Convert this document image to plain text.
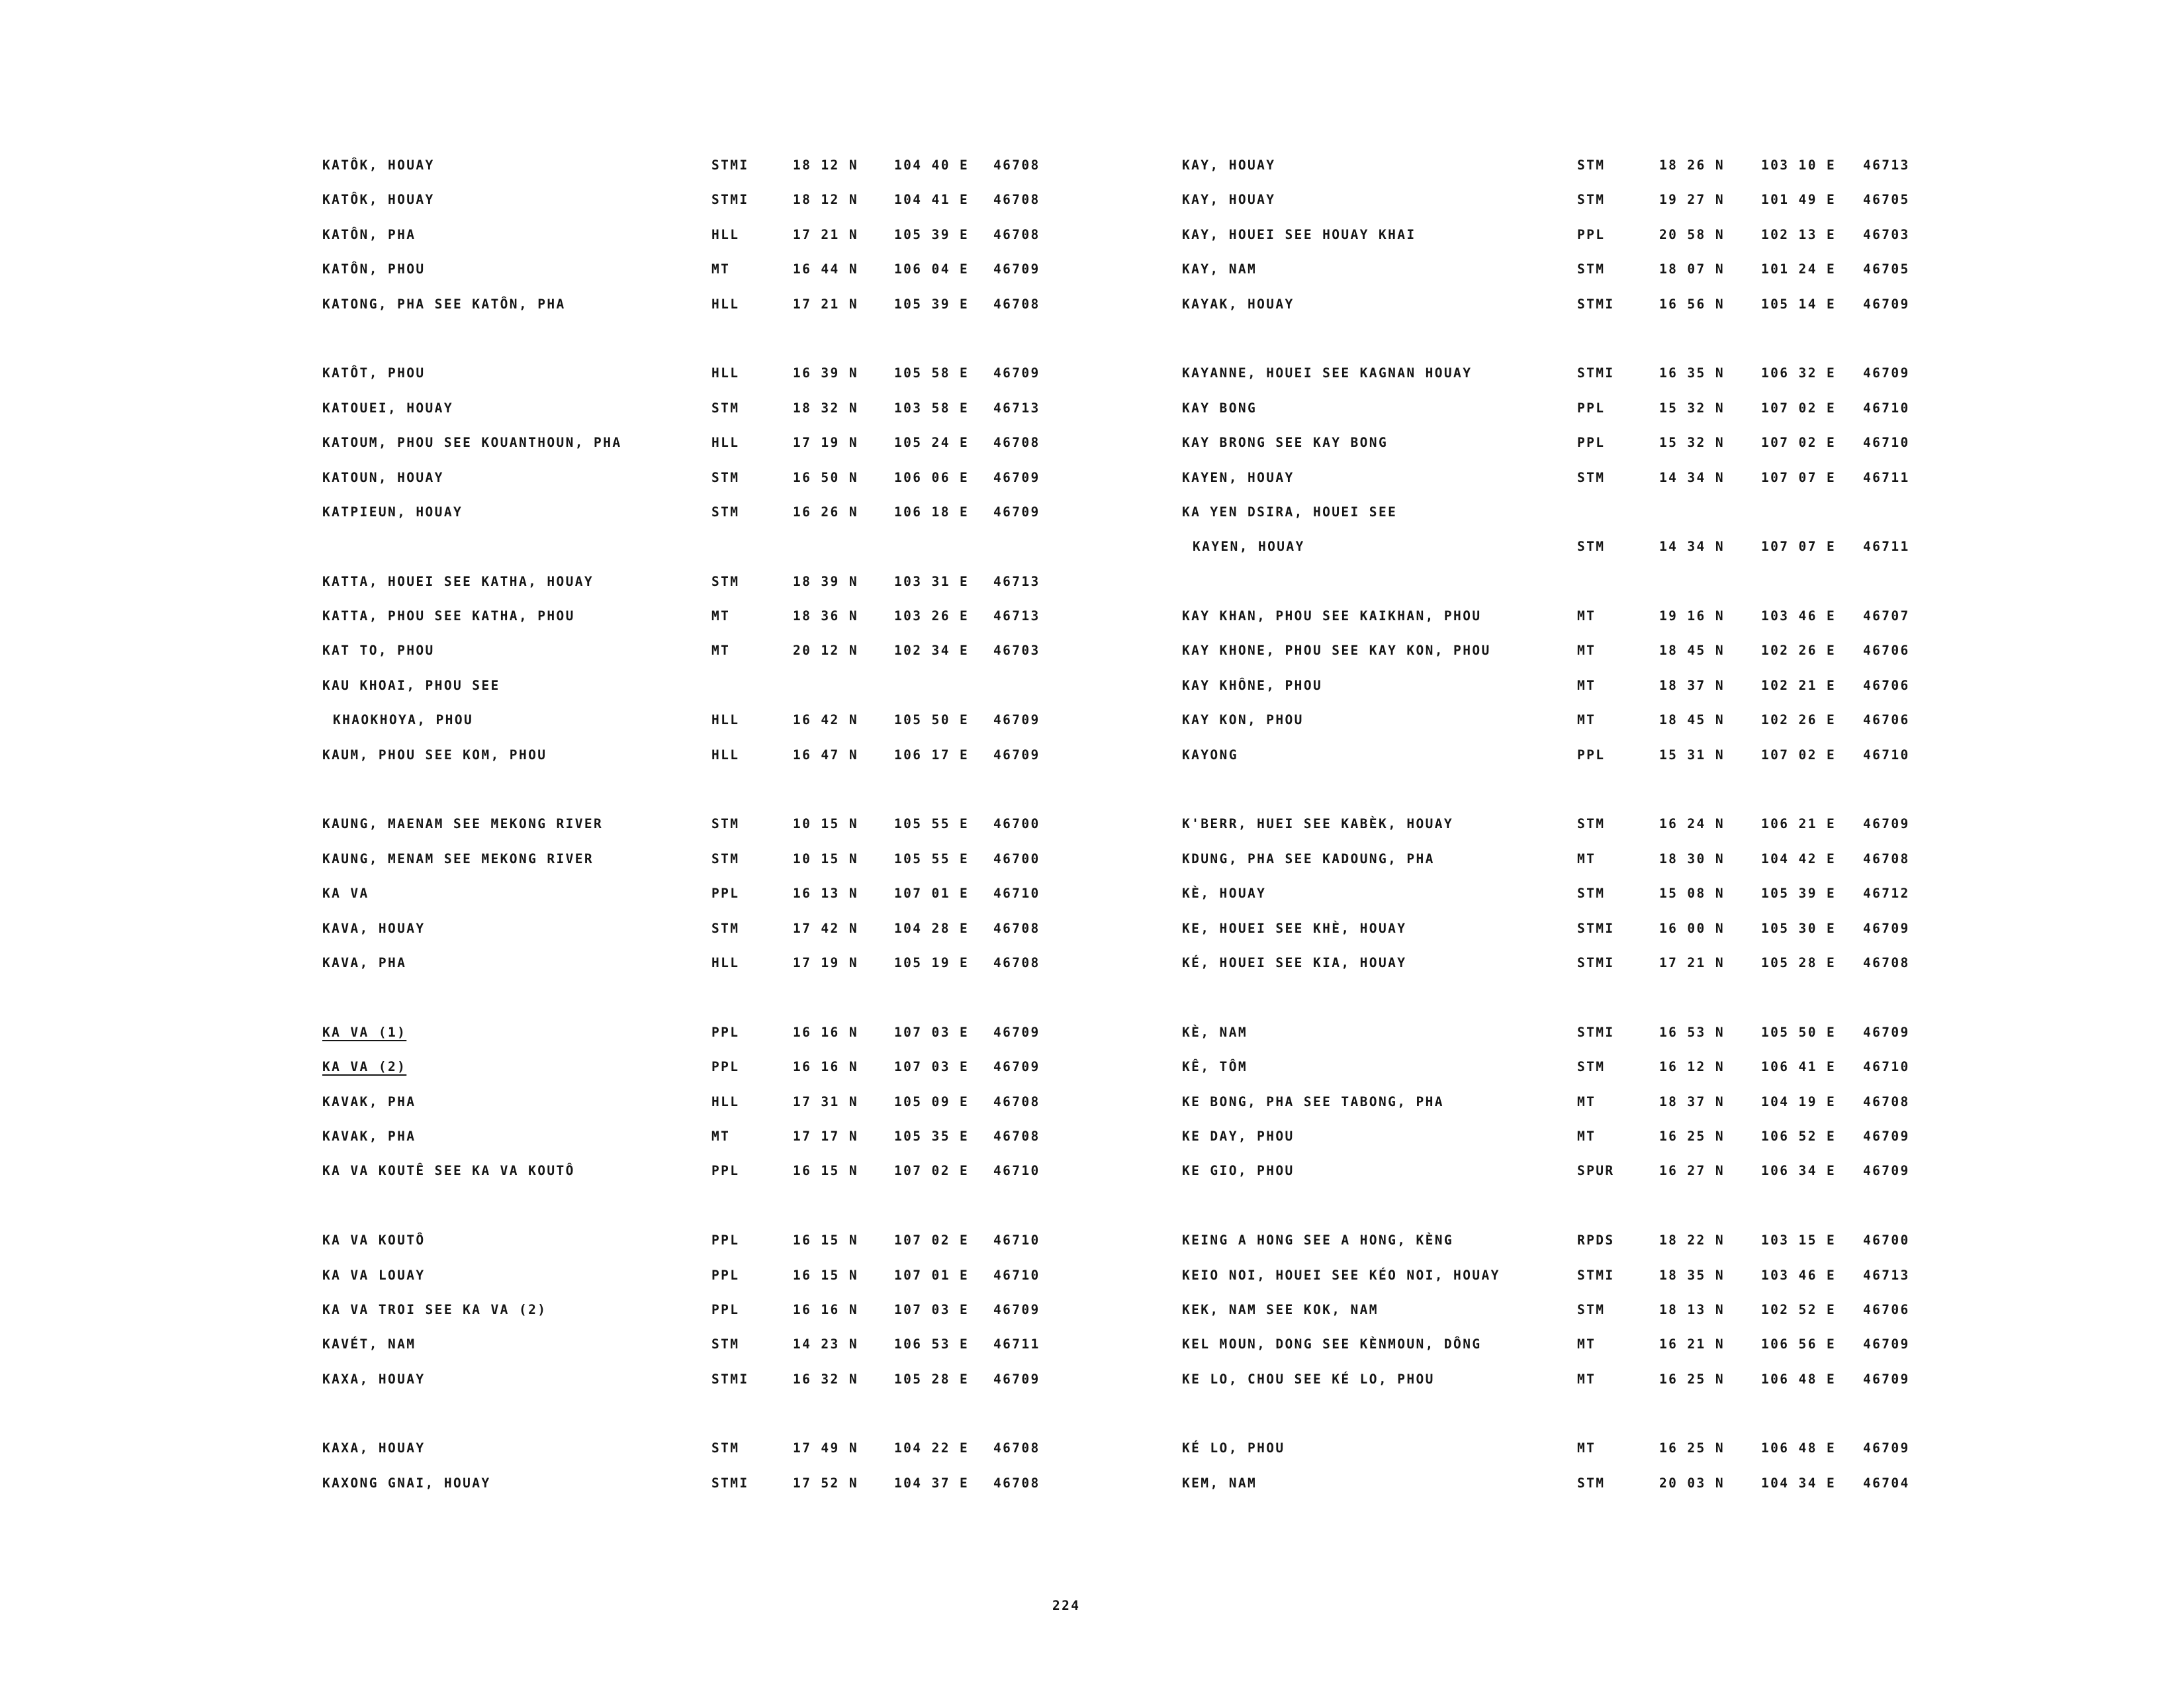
KATÔK, HOUAY	STMI	18 12 N	104 40 E 46708
KATÔK, HOUAY	STMI	18 12 N	104 41 E 46708
KATÔN, PHA	HLL	17 21 N	105 39 E 46708
KATÔN, PHOU	MT	16 44 N	106 04 E 46709
KATONG, PHA SEE KATÔN, PHA	HLL	17 21 N	105 39 E 46708
KATÔT, PHOU	HLL	16 39 N	105 58 E 46709
KATOUEI, HOUAY	STM	18 32 N	103 58 E 46713
KATOUM, PHOU SEE KOUANTHOUN, PHA	HLL	17 19 N	105 24 E 46708
KATOUN, HOUAY	STM	16 50 N	106 06 E 46709
KATPIEUN, HOUAY	STM	16 26 N	106 18 E 46709
KATTA, HOUEI SEE KATHA, HOUAY	STM	18 39 N	103 31 E 46713
KATTA, PHOU SEE KATHA, PHOU	MT	18 36 N	103 26 E 46713
KAT TO, PHOU	MT	20 12 N	102 34 E 46703
KAU KHOAI, PHOU SEE
KHAOKHOYA, PHOU	HLL	16 42 N	105 50 E 46709
KAUM, PHOU SEE KOM, PHOU	HLL	16 47 N	106 17 E 46709
KAUNG, MAENAM SEE MEKONG RIVER	STM	10 15 N	105 55 E 46700
KAUNG, MENAM SEE MEKONG RIVER	STM	10 15 N	105 55 E 46700
KA VA	PPL	16 13 N	107 01 E 46710
KAVA, HOUAY	STM	17 42 N	104 28 E 46708
KAVA, PHA	HLL	17 19 N	105 19 E 46708
KA VA (1)	PPL	16 16 N	107 03 E 46709
KA VA (2)	PPL	16 16 N	107 03 E 46709
KAVAK, PHA	HLL	17 31 N	105 09 E 46708
KAVAK, PHA	MT	17 17 N	105 35 E 46708
KA VA KOUTÊ SEE KA VA KOUTÔ	PPL	16 15 N	107 02 E 46710
KA VA KOUTÔ	PPL	16 15 N	107 02 E 46710
KA VA LOUAY	PPL	16 15 N	107 01 E 46710
KA VA TROI SEE KA VA (2)	PPL	16 16 N	107 03 E 46709
KAVÉT, NAM	STM	14 23 N	106 53 E 46711
KAXA, HOUAY	STMI	16 32 N	105 28 E 46709
KAXA, HOUAY	STM	17 49 N	104 22 E 46708
KAXONG GNAI, HOUAY	STMI	17 52 N	104 37 E 46708
KAY, HOUAY	STM	18 26 N	103 10 E 46713
KAY, HOUAY	STM	19 27 N	101 49 E 46705
KAY, HOUEI SEE HOUAY KHAI	PPL	20 58 N	102 13 E 46703
KAY, NAM	STM	18 07 N	101 24 E 46705
KAYAK, HOUAY	STMI	16 56 N	105 14 E 46709
KAYANNE, HOUEI SEE KAGNAN HOUAY	STMI	16 35 N	106 32 E 46709
KAY BONG	PPL	15 32 N	107 02 E 46710
KAY BRONG SEE KAY BONG	PPL	15 32 N	107 02 E 46710
KAYEN, HOUAY	STM	14 34 N	107 07 E 46711
KA YEN DSIRA, HOUEI SEE
KAYEN, HOUAY	STM	14 34 N	107 07 E 46711
KAY KHAN, PHOU SEE KAIKHAN, PHOU	MT	19 16 N	103 46 E 46707
KAY KHONE, PHOU SEE KAY KON, PHOU	MT	18 45 N	102 26 E 46706
KAY KHÔNE, PHOU	MT	18 37 N	102 21 E 46706
KAY KON, PHOU	MT	18 45 N	102 26 E 46706
KAYONG	PPL	15 31 N	107 02 E 46710
K'BERR, HUEI SEE KABÈK, HOUAY	STM	16 24 N	106 21 E 46709
KDUNG, PHA SEE KADOUNG, PHA	MT	18 30 N	104 42 E 46708
KÈ, HOUAY	STM	15 08 N	105 39 E 46712
KE, HOUEI SEE KHÈ, HOUAY	STMI	16 00 N	105 30 E 46709
KÉ, HOUEI SEE KIA, HOUAY	STMI	17 21 N	105 28 E 46708
KÈ, NAM	STMI	16 53 N	105 50 E 46709
KÊ, TÔM	STM	16 12 N	106 41 E 46710
KE BONG, PHA SEE TABONG, PHA	MT	18 37 N	104 19 E 46708
KE DAY, PHOU	MT	16 25 N	106 52 E 46709
KE GIO, PHOU	SPUR	16 27 N	106 34 E 46709
KEING A HONG SEE A HONG, KÈNG	RPDS	18 22 N	103 15 E 46700
KEIO NOI, HOUEI SEE KÉO NOI, HOUAY	STMI	18 35 N	103 46 E 46713
KEK, NAM SEE KOK, NAM	STM	18 13 N	102 52 E 46706
KEL MOUN, DONG SEE KÈNMOUN, DÔNG	MT	16 21 N	106 56 E 46709
KE LO, CHOU SEE KÉ LO, PHOU	MT	16 25 N	106 48 E 46709
KÉ LO, PHOU	MT	16 25 N	106 48 E 46709
KEM, NAM	STM	20 03 N	104 34 E 46704
224
